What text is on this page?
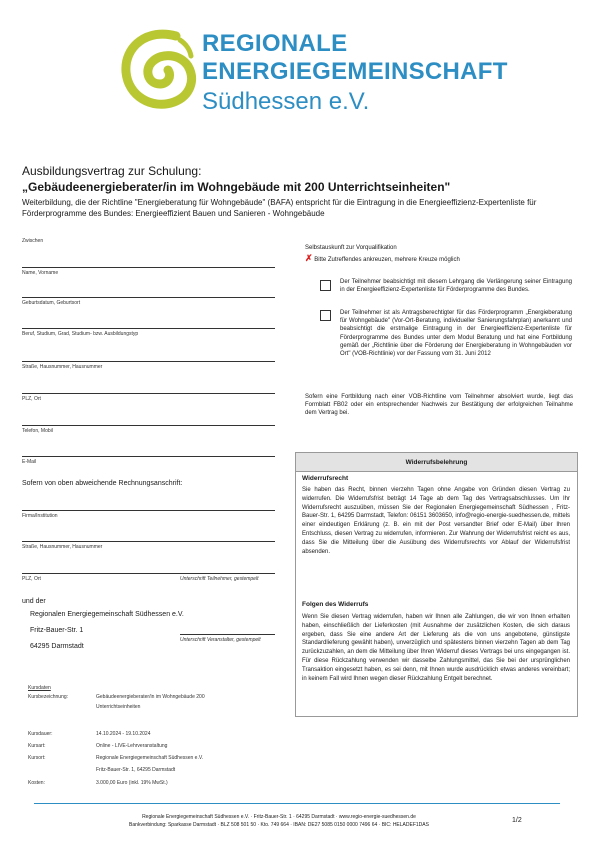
REGIONALE
ENERGIEGEMEINSCHAFT
Südhessen e.V.
Ausbildungsvertrag zur Schulung:
„Gebäudeenergieberater/in im Wohngebäude mit 200 Unterrichtseinheiten"
Weiterbildung, die der Richtline "Energieberatung für Wohngebäude" (BAFA) entspricht für die Eintragung in die Energieeffizienz-Expertenliste für Förderprogramme des Bundes: Energieeffizient Bauen und Sanieren - Wohngebäude
Zwischen
Name, Vorname
Geburtsdatum, Geburtsort
Beruf, Studium, Grad, Studium- bzw. Ausbildungstyp
Straße, Hausnummer, Hausnummer
PLZ, Ort
Telefon, Mobil
E-Mail
Sofern von oben abweichende Rechnungsanschrift:
Firma/Institution
Straße, Hausnummer, Hausnummer
PLZ, Ort	Unterschrift Teilnehmer, gestempelt
und der
Regionalen Energiegemeinschaft Südhessen e.V.
Fritz-Bauer-Str. 1
64295 Darmstadt
Unterschrift Veranstalter, gestempelt
Kursdaten
Kursbezeichnung:	Gebäudeenergieberater/in im Wohngebäude 200
Unterrichtseinheiten
Kursdauer:	14.10.2024 - 19.10.2024
Kursart:	Online - LIVE-Lehrveranstaltung
Kursort:	Regionale Energiegemeinschaft Südhessen e.V.
Fritz-Bauer-Str. 1, 64295 Darmstadt
Kosten:	3.000,00 Euro (inkl. 19% MwSt.)
Selbstauskunft zur Vorqualifikation
✗ Bitte Zutreffendes ankreuzen, mehrere Kreuze möglich
Der Teilnehmer beabsichtigt mit diesem Lehrgang die Verlängerung seiner Eintragung in der Energieeffizienz-Expertenliste für Förderprogramme des Bundes.
Der Teilnehmer ist als Antragsberechtigter für das Förderprogramm „Energieberatung für Wohngebäude" (Vor-Ort-Beratung, individueller Sanierungsfahrplan) anerkannt und beabsichtigt die erstmalige Eintragung in der Energieeffizienz-Expertenliste für Förderprogramme des Bundes unter dem Modul Beratung und hat eine Fortbildung gemäß der „Richtlinie über die Förderung der Energieberatung in Wohngebäuden vor Ort" (VOB-Richtlinie) vor der Fassung vom 31. Juni 2012
Sofern eine Fortbildung nach einer VOB-Richtline vom Teilnehmer absolviert wurde, liegt das Formblatt FB02 oder ein entsprechender Nachweis zur Bestätigung der erfolgreichen Teilnahme dem Vertrag bei.
Widerrufsbelehrung
Widerrufsrecht
Sie haben das Recht, binnen vierzehn Tagen ohne Angabe von Gründen diesen Vertrag zu widerrufen. Die Widerrufsfrist beträgt 14 Tage ab dem Tag des Vertragsabschlusses. Um Ihr Widerrufsrecht auszuüben, müssen Sie der Regionalen Energiegemeinschaft Südhessen , Fritz-Bauer-Str. 1, 64295 Darmstadt, Telefon: 06151 3603650, info@regio-energie-suedhessen.de, mittels einer eindeutigen Erklärung (z. B. ein mit der Post versandter Brief oder E-Mail) über Ihren Entschluss, diesen Vertrag zu widerrufen, informieren. Zur Wahrung der Widerrufsfrist reicht es aus, dass Sie die Mitteilung über die Ausübung des Widerrufsrechts vor Ablauf der Widerrufsfrist absenden.
Folgen des Widerrufs
Wenn Sie diesen Vertrag widerrufen, haben wir Ihnen alle Zahlungen, die wir von Ihnen erhalten haben, einschließlich der Lieferkosten (mit Ausnahme der zusätzlichen Kosten, die sich daraus ergeben, dass Sie eine andere Art der Lieferung als die von uns angebotene, günstigste Standardlieferung gewählt haben), unverzüglich und spätestens binnen vierzehn Tagen ab dem Tag zurückzuzahlen, an dem die Mitteilung über Ihren Widerruf dieses Vertrags bei uns eingegangen ist. Für diese Rückzahlung verwenden wir dasselbe Zahlungsmittel, das Sie bei der ursprünglichen Transaktion eingesetzt haben, es sei denn, mit Ihnen wurde ausdrücklich etwas anderes vereinbart; in keinem Fall wird Ihnen wegen dieser Rückzahlung Entgelt berechnet.
Regionale Energiegemeinschaft Südhessen e.V. · Fritz-Bauer-Str. 1 · 64295 Darmstadt · www.regio-energie-suedhessen.de
Bankverbindung: Sparkasse Darmstadt · BLZ 508 501 50 · Kto. 749 664 · IBAN: DE27 5085 0150 0000 7496 64 · BIC: HELADEF1DAS
1/2
